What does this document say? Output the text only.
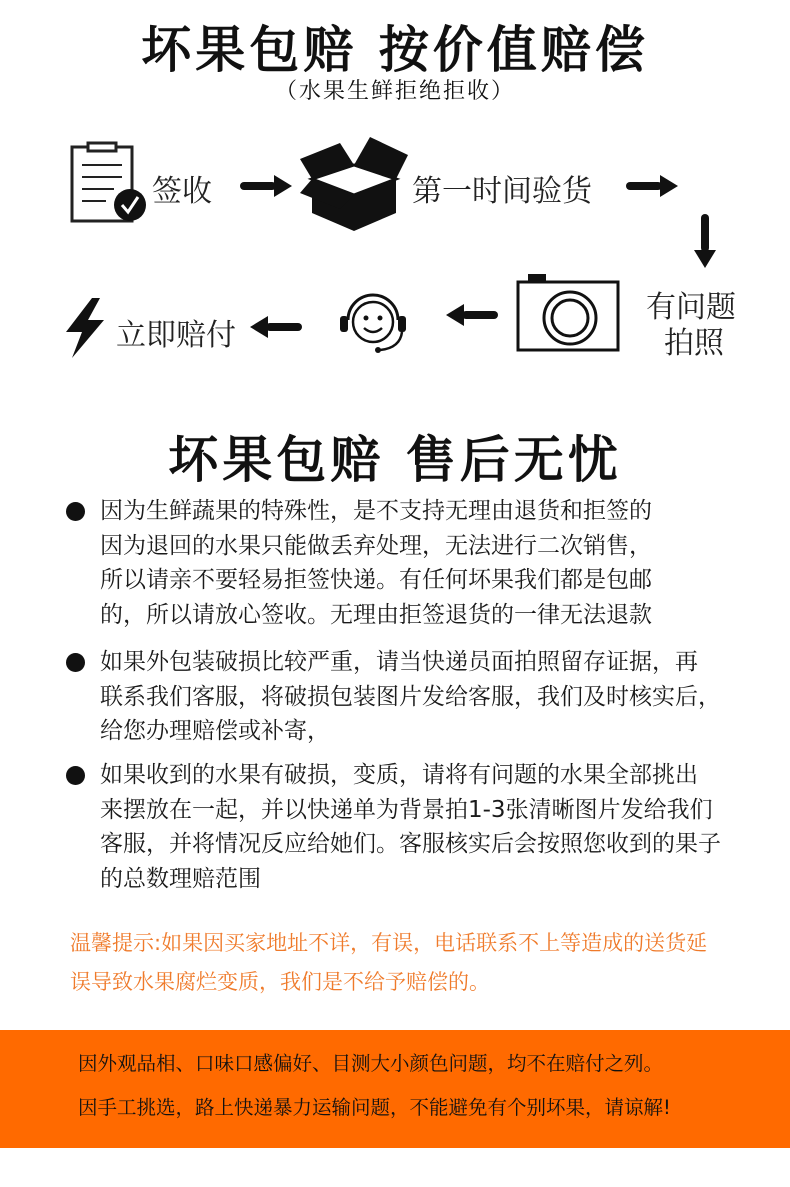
坏果包赔 按价值赔偿
（水果生鲜拒绝拒收）
签收	第一时间验货
有问题
拍照
立即赔付
坏果包赔 售后无忧
因为生鲜蔬果的特殊性，是不支持无理由退货和拒签的
因为退回的水果只能做丢弃处理，无法进行二次销售，
所以请亲不要轻易拒签快递。有任何坏果我们都是包邮
的，所以请放心签收。无理由拒签退货的一律无法退款
如果外包装破损比较严重，请当快递员面拍照留存证据，再
联系我们客服，将破损包装图片发给客服，我们及时核实后，
给您办理赔偿或补寄，
如果收到的水果有破损，变质，请将有问题的水果全部挑出
来摆放在一起，并以快递单为背景拍1-3张清晰图片发给我们
客服，并将情况反应给她们。客服核实后会按照您收到的果子
的总数理赔范围
温馨提示:如果因买家地址不详，有误，电话联系不上等造成的送货延
误导致水果腐烂变质，我们是不给予赔偿的。
因外观品相、口味口感偏好、目测大小颜色问题，均不在赔付之列。
因手工挑选，路上快递暴力运输问题，不能避免有个别坏果，请谅解!
